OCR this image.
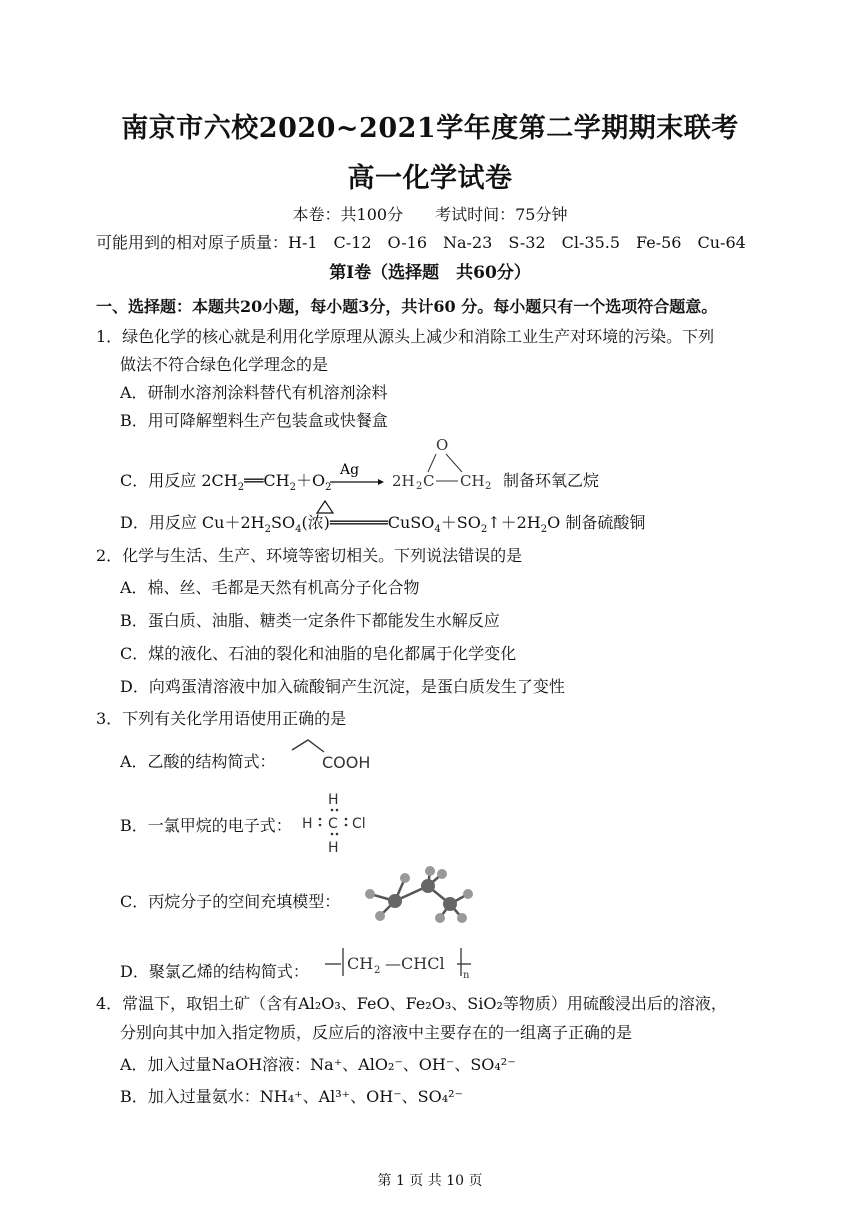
南京市六校2020~2021学年度第二学期期末联考
高一化学试卷
本卷：共100分　　考试时间：75分钟
可能用到的相对原子质量：H-1　C-12　O-16　Na-23　S-32　Cl-35.5　Fe-56　Cu-64
第Ⅰ卷（选择题　共60分）
一、选择题：本题共20小题，每小题3分，共计60 分。每小题只有一个选项符合题意。
1．绿色化学的核心就是利用化学原理从源头上减少和消除工业生产对环境的污染。下列
做法不符合绿色化学理念的是
A．研制水溶剂涂料替代有机溶剂涂料
B．用可降解塑料生产包装盒或快餐盒
C．用反应 $2CH_2══CH_2+O_2$
Ag
2H 2 C CH 2
O
制备环氧乙烷
D．用反应 $Cu+2H_2SO_4$(浓)$══════CuSO_4+SO_2↑+2H_2O$ 制备硫酸铜
2．化学与生活、生产、环境等密切相关。下列说法错误的是
A．棉、丝、毛都是天然有机高分子化合物
B．蛋白质、油脂、糖类一定条件下都能发生水解反应
C．煤的液化、石油的裂化和油脂的皂化都属于化学变化
D．向鸡蛋清溶液中加入硫酸铜产生沉淀，是蛋白质发生了变性
3．下列有关化学用语使用正确的是
A．乙酸的结构简式：	COOH
B．一氯甲烷的电子式：
H
H C Cl
H
C．丙烷分子的空间充填模型：
D．聚氯乙烯的结构简式： CH 2 —CHCl
n
4．常温下，取铝土矿（含有Al₂O₃、FeO、Fe₂O₃、SiO₂等物质）用硫酸浸出后的溶液，
分别向其中加入指定物质，反应后的溶液中主要存在的一组离子正确的是
A．加入过量NaOH溶液：Na⁺、AlO₂⁻、OH⁻、SO₄²⁻
B．加入过量氨水：NH₄⁺、Al³⁺、OH⁻、SO₄²⁻
第 1 页 共 10 页
